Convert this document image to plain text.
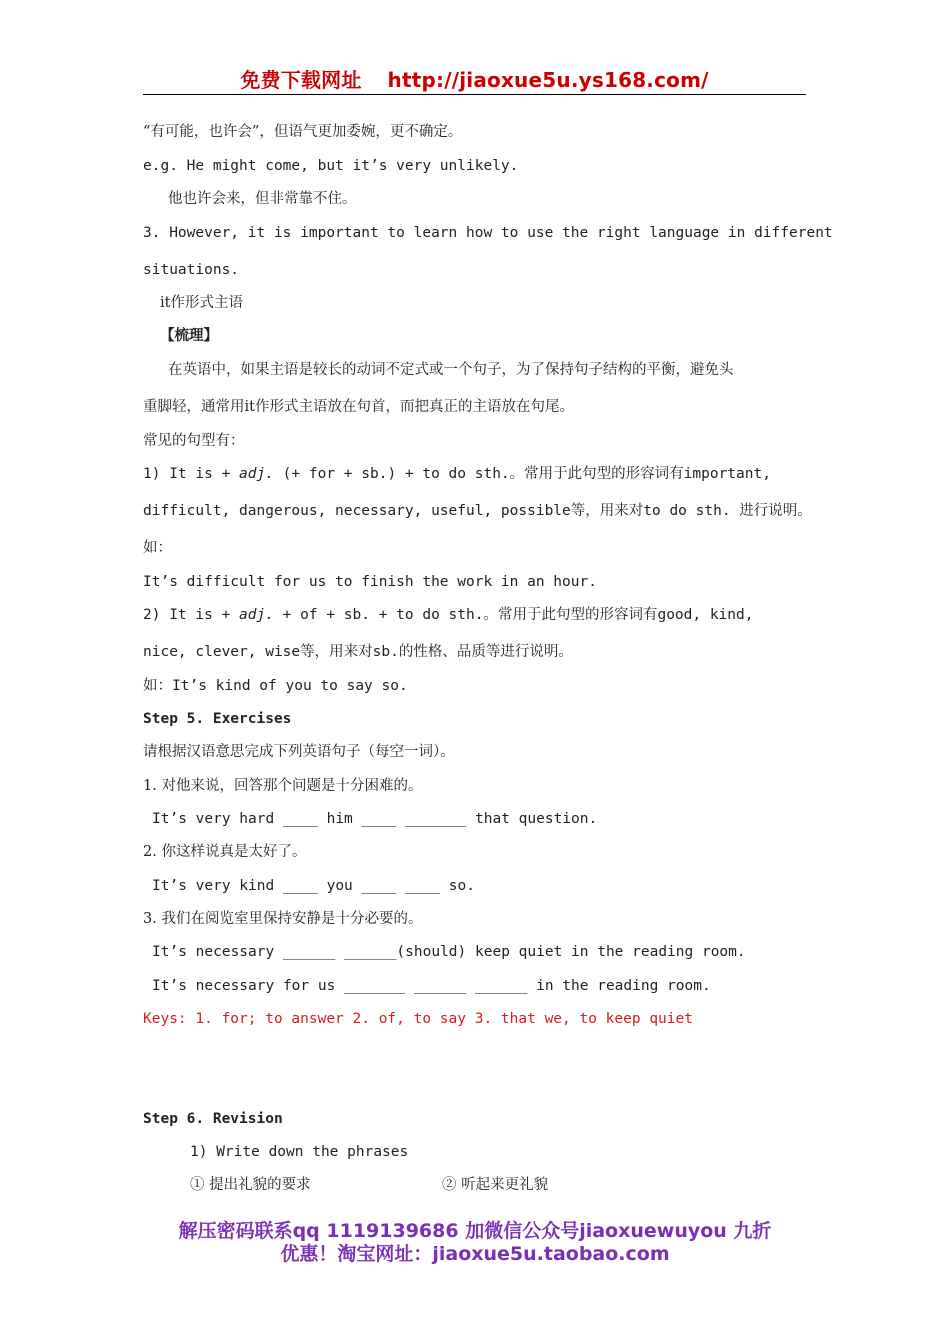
免费下载网址 http://jiaoxue5u.ys168.com/
“有可能，也许会”，但语气更加委婉，更不确定。
e.g. He might come, but it’s very unlikely.
他也许会来，但非常靠不住。
3. However, it is important to learn how to use the right language in different
situations.
it作形式主语
【梳理】
在英语中，如果主语是较长的动词不定式或一个句子，为了保持句子结构的平衡，避免头
重脚轻，通常用it作形式主语放在句首，而把真正的主语放在句尾。
常见的句型有：
1) It is + adj. (+ for + sb.) + to do sth.。常用于此句型的形容词有important,
difficult, dangerous, necessary, useful, possible等，用来对to do sth. 进行说明。
如：
It’s difficult for us to finish the work in an hour.
2) It is + adj. + of + sb. + to do sth.。常用于此句型的形容词有good, kind,
nice, clever, wise等，用来对sb.的性格、品质等进行说明。
如：It’s kind of you to say so.
Step 5. Exercises
请根据汉语意思完成下列英语句子（每空一词）。
1. 对他来说，回答那个问题是十分困难的。
It’s very hard ____ him ____ _______ that question.
2. 你这样说真是太好了。
It’s very kind ____ you ____ ____ so.
3. 我们在阅览室里保持安静是十分必要的。
It’s necessary ______ ______(should) keep quiet in the reading room.
It’s necessary for us _______ ______ ______ in the reading room.
Keys: 1. for; to answer 2. of, to say 3. that we, to keep quiet
Step 6. Revision
1) Write down the phrases
① 提出礼貌的要求	② 听起来更礼貌
解压密码联系qq 1119139686 加微信公众号jiaoxuewuyou 九折
优惠！淘宝网址：jiaoxue5u.taobao.com
